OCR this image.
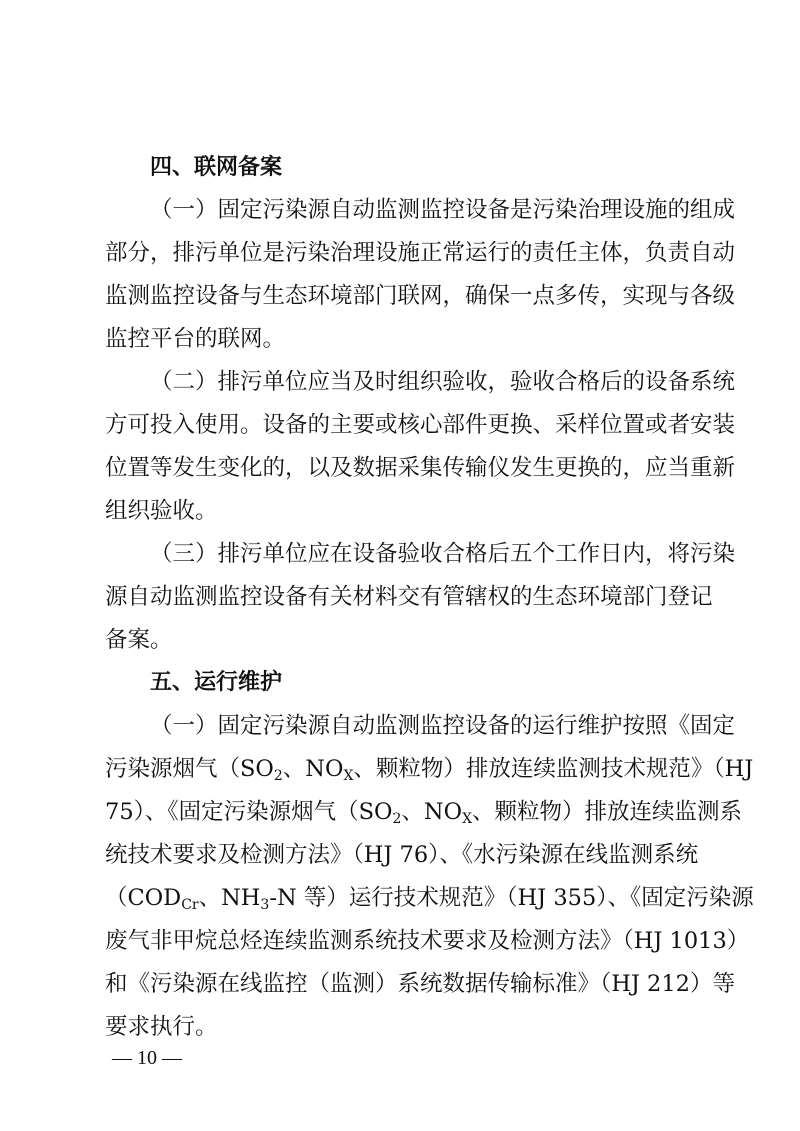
四、联网备案
（一）固定污染源自动监测监控设备是污染治理设施的组成
部分，排污单位是污染治理设施正常运行的责任主体，负责自动
监测监控设备与生态环境部门联网，确保一点多传，实现与各级
监控平台的联网。
（二）排污单位应当及时组织验收，验收合格后的设备系统
方可投入使用。设备的主要或核心部件更换、采样位置或者安装
位置等发生变化的，以及数据采集传输仪发生更换的，应当重新
组织验收。
（三）排污单位应在设备验收合格后五个工作日内，将污染
源自动监测监控设备有关材料交有管辖权的生态环境部门登记
备案。
五、运行维护
（一）固定污染源自动监测监控设备的运行维护按照《固定
污染源烟气（$SO_2$、$NO_X$、颗粒物）排放连续监测技术规范》（HJ
75）、《固定污染源烟气（$SO_2$、$NO_X$、颗粒物）排放连续监测系
统技术要求及检测方法》（HJ 76）、《水污染源在线监测系统
（$COD_{Cr}$、$NH_3-N$ 等）运行技术规范》（HJ 355）、《固定污染源
废气非甲烷总烃连续监测系统技术要求及检测方法》（HJ 1013）
和《污染源在线监控（监测）系统数据传输标准》（HJ 212）等
要求执行。
— 10 —
